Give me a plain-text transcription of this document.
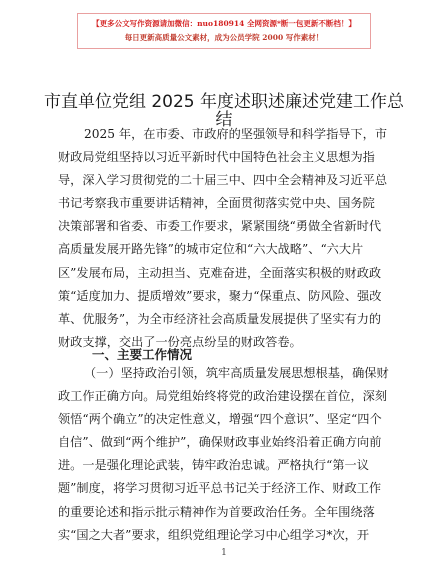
【更多公文写作资源请加微信：nuo180914 全网资源*断一包更新不断档！】
每日更新高质量公文素材，成为公员学院 2000 写作素材！
市直单位党组 2025 年度述职述廉述党建工作总
结
2025 年，在市委、市政府的坚强领导和科学指导下，市
财政局党组坚持以习近平新时代中国特色社会主义思想为指
导，深入学习贯彻党的二十届三中、四中全会精神及习近平总
书记考察我市重要讲话精神，全面贯彻落实党中央、国务院
决策部署和省委、市委工作要求，紧紧围绕“勇做全省新时代
高质量发展开路先锋”的城市定位和“六大战略”、“六大片
区”发展布局，主动担当、克难奋进，全面落实积极的财政政
策“适度加力、提质增效”要求，聚力“保重点、防风险、强改
革、优服务”，为全市经济社会高质量发展提供了坚实有力的
财政支撑，交出了一份亮点纷呈的财政答卷。
一、主要工作情况
（一）坚持政治引领，筑牢高质量发展思想根基，确保财
政工作正确方向。局党组始终将党的政治建设摆在首位，深刻
领悟“两个确立”的决定性意义，增强“四个意识”、坚定“四个
自信”、做到“两个维护”，确保财政事业始终沿着正确方向前
进。一是强化理论武装，铸牢政治忠诚。严格执行“第一议
题”制度，将学习贯彻习近平总书记关于经济工作、财政工作
的重要论述和指示批示精神作为首要政治任务。全年围绕落
实“国之大者”要求，组织党组理论学习中心组学习*次，开
1
